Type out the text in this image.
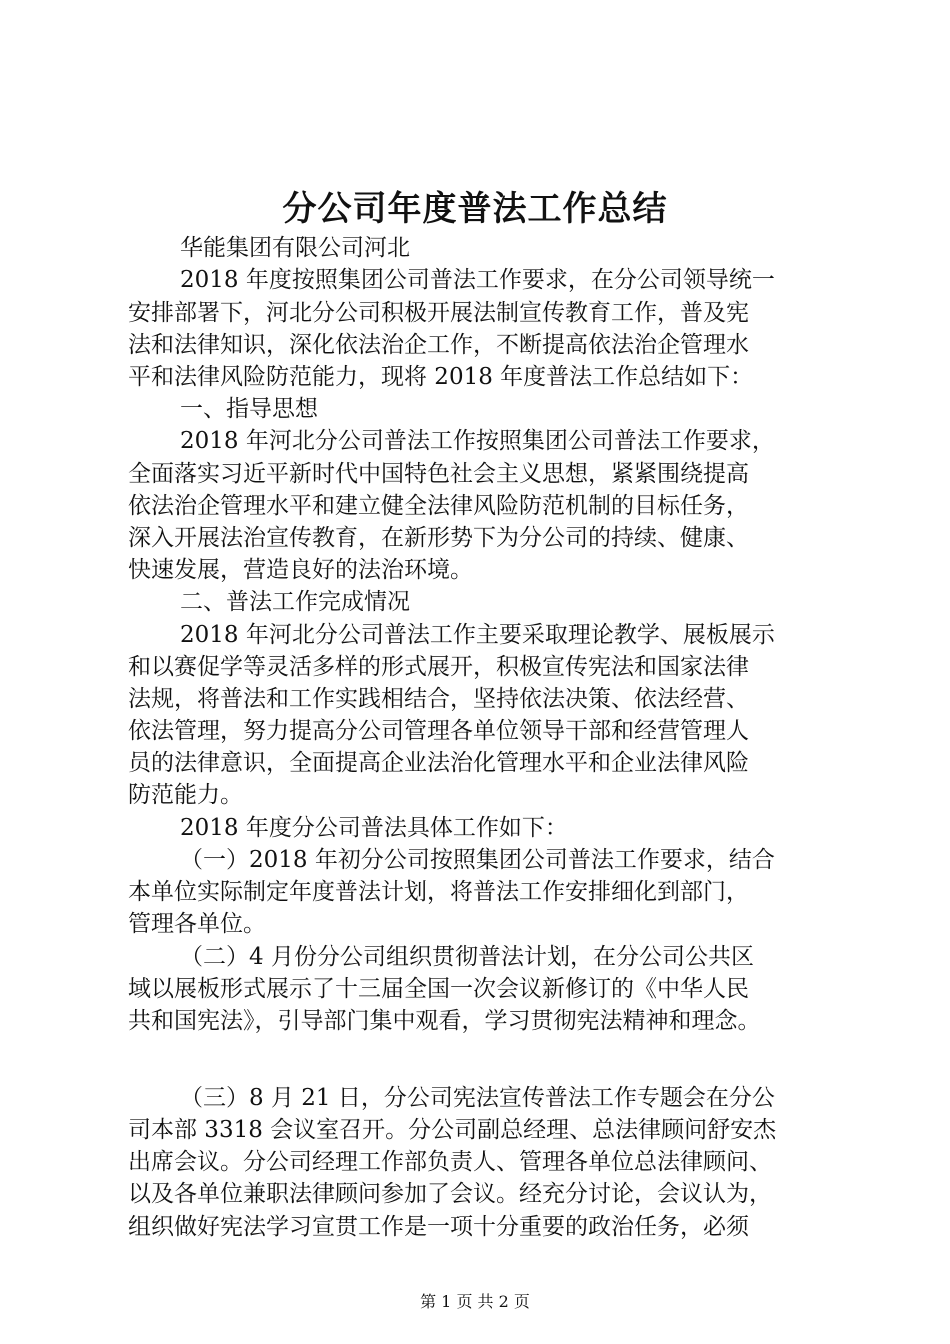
分公司年度普法工作总结
华能集团有限公司河北
2018 年度按照集团公司普法工作要求，在分公司领导统一
安排部署下，河北分公司积极开展法制宣传教育工作，普及宪
法和法律知识，深化依法治企工作，不断提高依法治企管理水
平和法律风险防范能力，现将 2018 年度普法工作总结如下：
一、指导思想
2018 年河北分公司普法工作按照集团公司普法工作要求，
全面落实习近平新时代中国特色社会主义思想，紧紧围绕提高
依法治企管理水平和建立健全法律风险防范机制的目标任务，
深入开展法治宣传教育，在新形势下为分公司的持续、健康、
快速发展，营造良好的法治环境。
二、普法工作完成情况
2018 年河北分公司普法工作主要采取理论教学、展板展示
和以赛促学等灵活多样的形式展开，积极宣传宪法和国家法律
法规，将普法和工作实践相结合，坚持依法决策、依法经营、
依法管理，努力提高分公司管理各单位领导干部和经营管理人
员的法律意识，全面提高企业法治化管理水平和企业法律风险
防范能力。
2018 年度分公司普法具体工作如下：
（一）2018 年初分公司按照集团公司普法工作要求，结合
本单位实际制定年度普法计划，将普法工作安排细化到部门，
管理各单位。
（二）4 月份分公司组织贯彻普法计划，在分公司公共区
域以展板形式展示了十三届全国一次会议新修订的《中华人民
共和国宪法》，引导部门集中观看，学习贯彻宪法精神和理念。
（三）8 月 21 日，分公司宪法宣传普法工作专题会在分公
司本部 3318 会议室召开。分公司副总经理、总法律顾问舒安杰
出席会议。分公司经理工作部负责人、管理各单位总法律顾问、
以及各单位兼职法律顾问参加了会议。经充分讨论，会议认为，
组织做好宪法学习宣贯工作是一项十分重要的政治任务，必须
第 1 页 共 2 页
